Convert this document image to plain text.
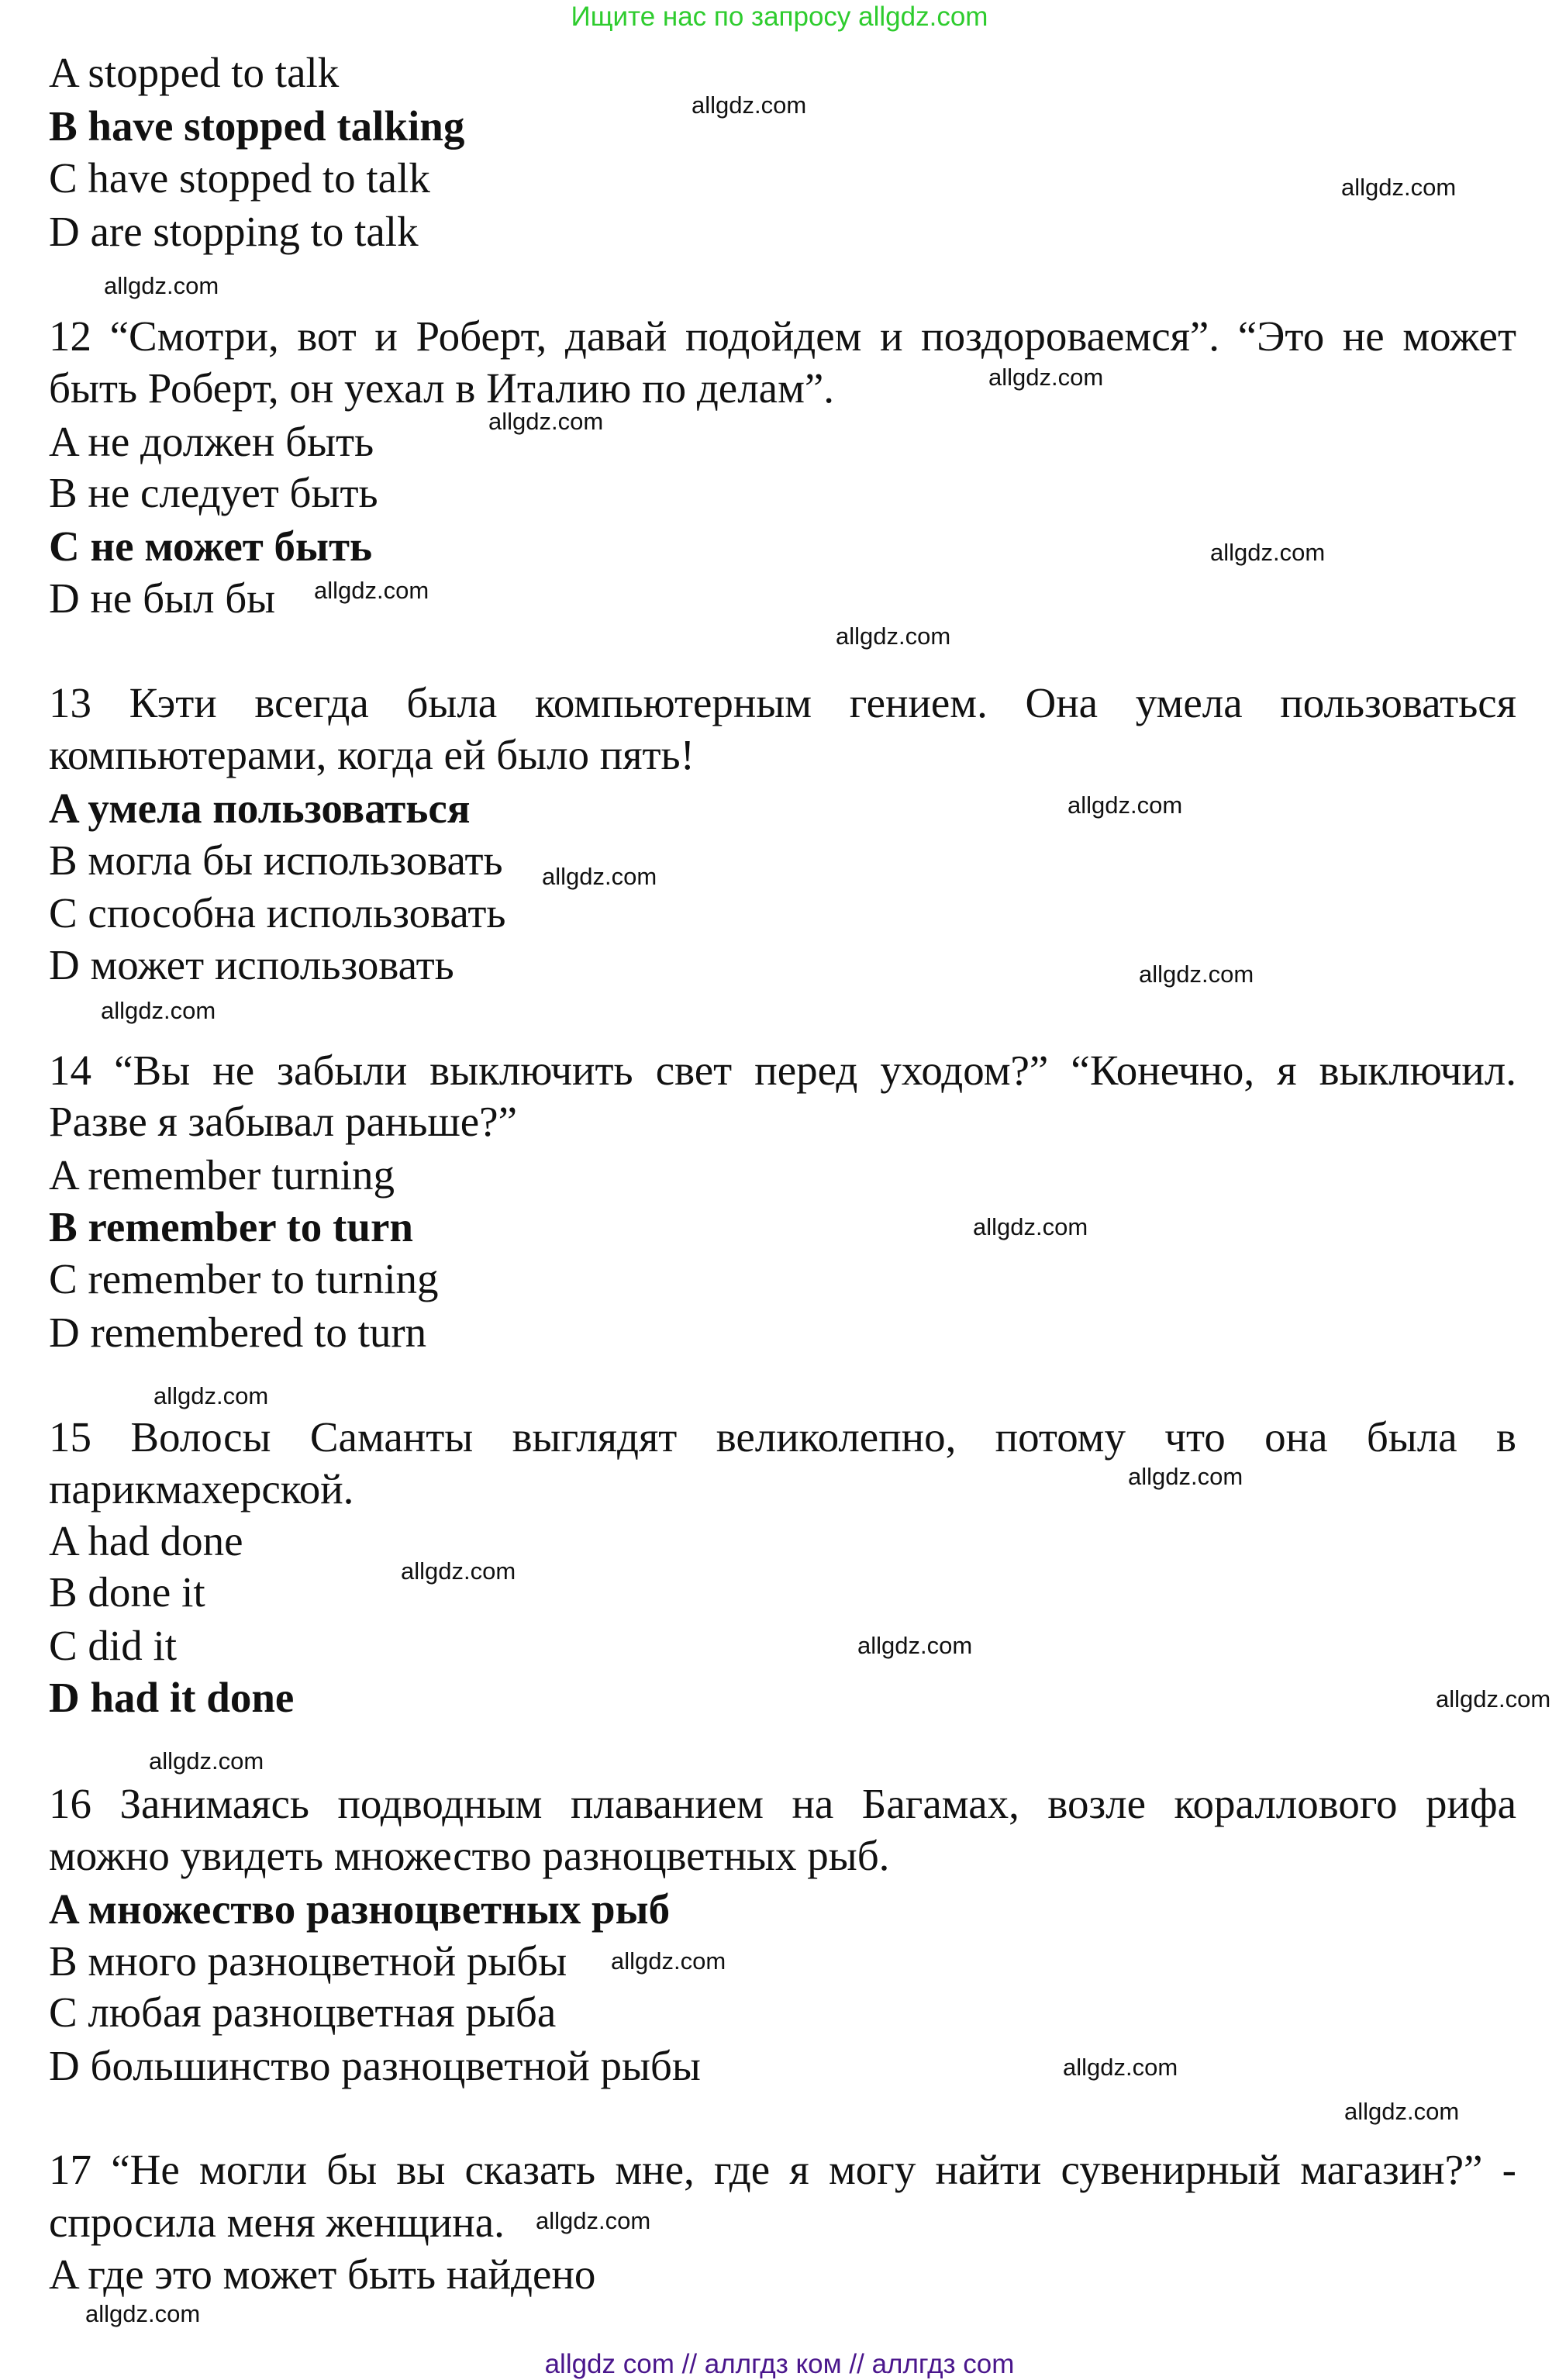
Ищите нас по запросу allgdz.com
A stopped to talk
B have stopped talking
C have stopped to talk
D are stopping to talk
12 “Смотри, вот и Роберт, давай подойдем и поздороваемся”. “Это не может
быть Роберт, он уехал в Италию по делам”.
A не должен быть
B не следует быть
C не может быть
D не был бы
13 Кэти всегда была компьютерным гением. Она умела пользоваться
компьютерами, когда ей было пять!
A умела пользоваться
B могла бы использовать
C способна использовать
D может использовать
14 “Вы не забыли выключить свет перед уходом?” “Конечно, я выключил.
Разве я забывал раньше?”
A remember turning
B remember to turn
C remember to turning
D remembered to turn
15 Волосы Саманты выглядят великолепно, потому что она была в
парикмахерской.
A had done
B done it
C did it
D had it done
16 Занимаясь подводным плаванием на Багамах, возле кораллового рифа
можно увидеть множество разноцветных рыб.
A множество разноцветных рыб
B много разноцветной рыбы
C любая разноцветная рыба
D большинство разноцветной рыбы
17 “Не могли бы вы сказать мне, где я могу найти сувенирный магазин?” -
спросила меня женщина.
A где это может быть найдено
allgdz.com
allgdz.com
allgdz.com
allgdz.com
allgdz.com
allgdz.com
allgdz.com
allgdz.com
allgdz.com
allgdz.com
allgdz.com
allgdz.com
allgdz.com
allgdz.com
allgdz.com
allgdz.com
allgdz.com
allgdz.com
allgdz.com
allgdz.com
allgdz.com
allgdz.com
allgdz.com
allgdz.com
allgdz com // аллгдз ком // аллгдз com
